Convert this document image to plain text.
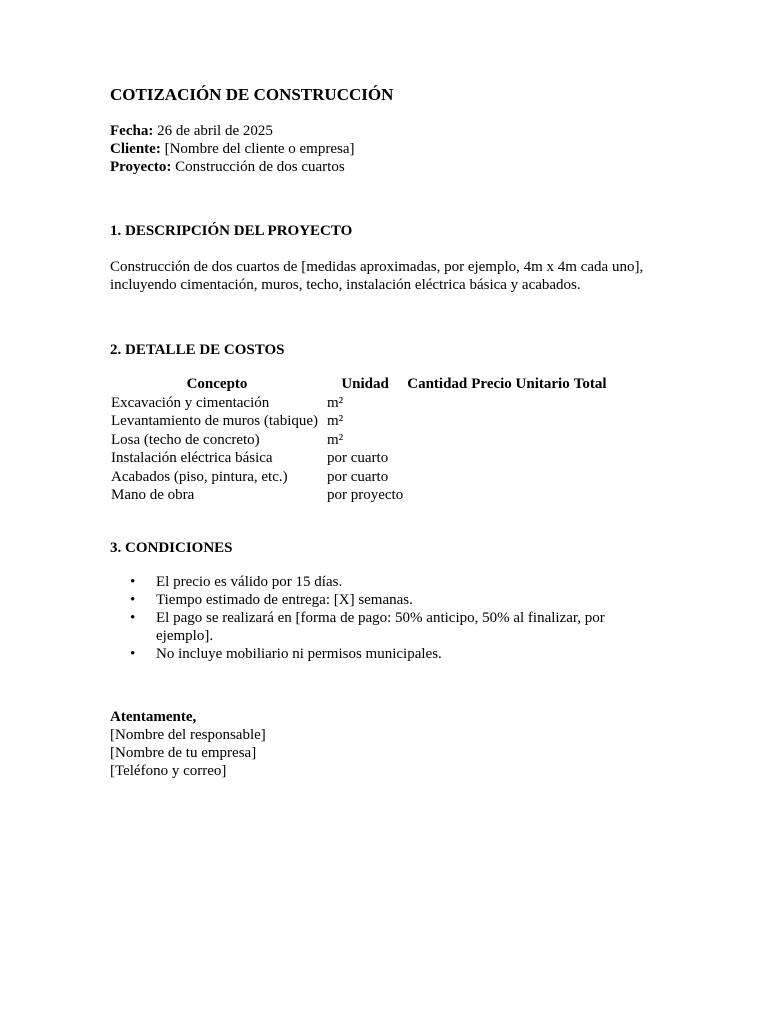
COTIZACIÓN DE CONSTRUCCIÓN
Fecha: 26 de abril de 2025
Cliente: [Nombre del cliente o empresa]
Proyecto: Construcción de dos cuartos
1. DESCRIPCIÓN DEL PROYECTO
Construcción de dos cuartos de [medidas aproximadas, por ejemplo, 4m x 4m cada uno], incluyendo cimentación, muros, techo, instalación eléctrica básica y acabados.
2. DETALLE DE COSTOS
Concepto	Unidad	Cantidad	Precio Unitario	Total
Excavación y cimentación	m²			
Levantamiento de muros (tabique)	m²			
Losa (techo de concreto)	m²			
Instalación eléctrica básica	por cuarto			
Acabados (piso, pintura, etc.)	por cuarto			
Mano de obra	por proyecto			
3. CONDICIONES
• El precio es válido por 15 días.
• Tiempo estimado de entrega: [X] semanas.
• El pago se realizará en [forma de pago: 50% anticipo, 50% al finalizar, por ejemplo].
• No incluye mobiliario ni permisos municipales.
Atentamente,
[Nombre del responsable]
[Nombre de tu empresa]
[Teléfono y correo]
